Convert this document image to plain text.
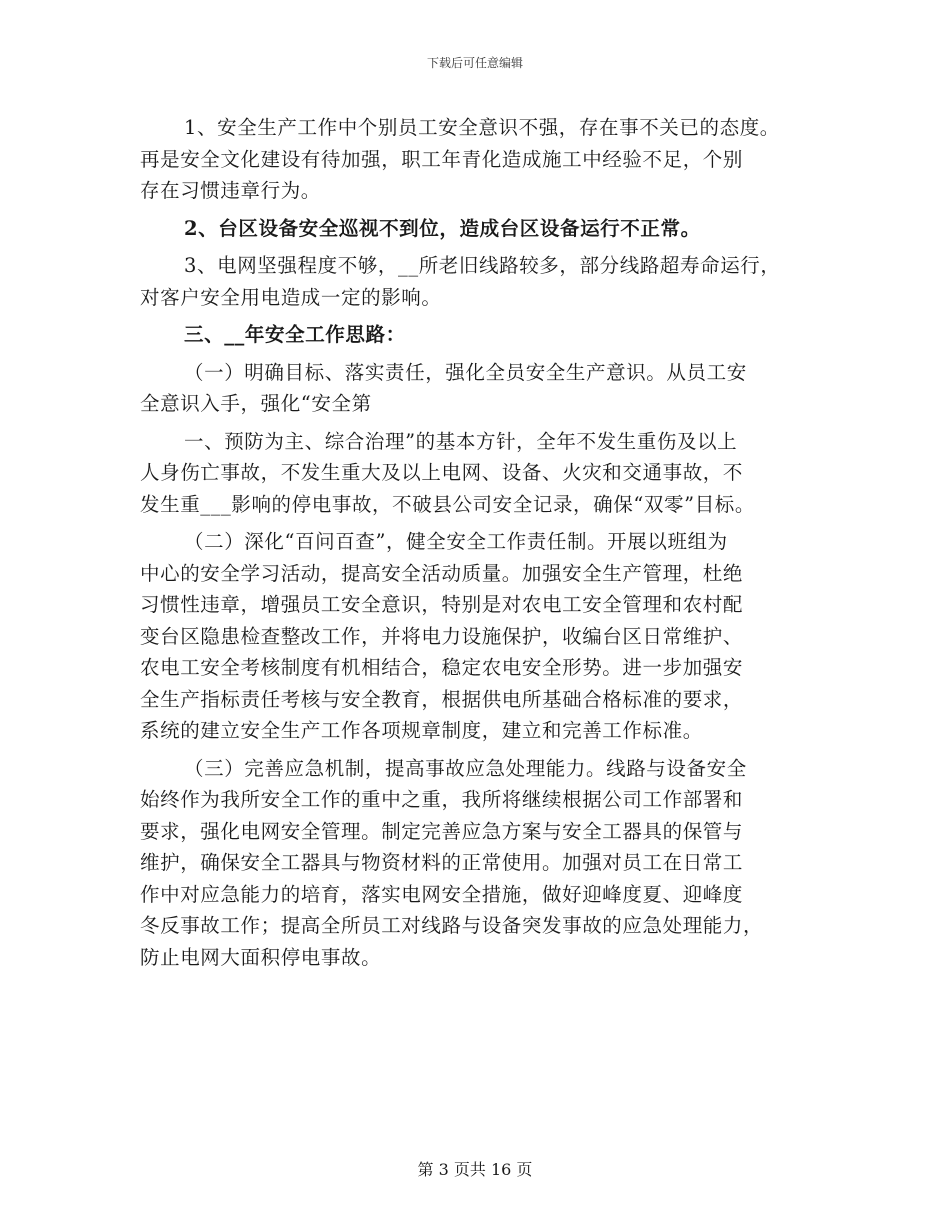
下载后可任意编辑
1、安全生产工作中个别员工安全意识不强，存在事不关已的态度。
再是安全文化建设有待加强，职工年青化造成施工中经验不足，个别
存在习惯违章行为。
2、台区设备安全巡视不到位，造成台区设备运行不正常。
3、电网坚强程度不够，__所老旧线路较多，部分线路超寿命运行，
对客户安全用电造成一定的影响。
三、__年安全工作思路：
（一）明确目标、落实责任，强化全员安全生产意识。从员工安
全意识入手，强化“安全第
一、预防为主、综合治理”的基本方针，全年不发生重伤及以上
人身伤亡事故，不发生重大及以上电网、设备、火灾和交通事故，不
发生重___影响的停电事故，不破县公司安全记录，确保“双零”目标。
（二）深化“百问百查”，健全安全工作责任制。开展以班组为
中心的安全学习活动，提高安全活动质量。加强安全生产管理，杜绝
习惯性违章，增强员工安全意识，特别是对农电工安全管理和农村配
变台区隐患检查整改工作，并将电力设施保护，收编台区日常维护、
农电工安全考核制度有机相结合，稳定农电安全形势。进一步加强安
全生产指标责任考核与安全教育，根据供电所基础合格标准的要求，
系统的建立安全生产工作各项规章制度，建立和完善工作标准。
（三）完善应急机制，提高事故应急处理能力。线路与设备安全
始终作为我所安全工作的重中之重，我所将继续根据公司工作部署和
要求，强化电网安全管理。制定完善应急方案与安全工器具的保管与
维护，确保安全工器具与物资材料的正常使用。加强对员工在日常工
作中对应急能力的培育，落实电网安全措施，做好迎峰度夏、迎峰度
冬反事故工作；提高全所员工对线路与设备突发事故的应急处理能力，
防止电网大面积停电事故。
第 3 页共 16 页
